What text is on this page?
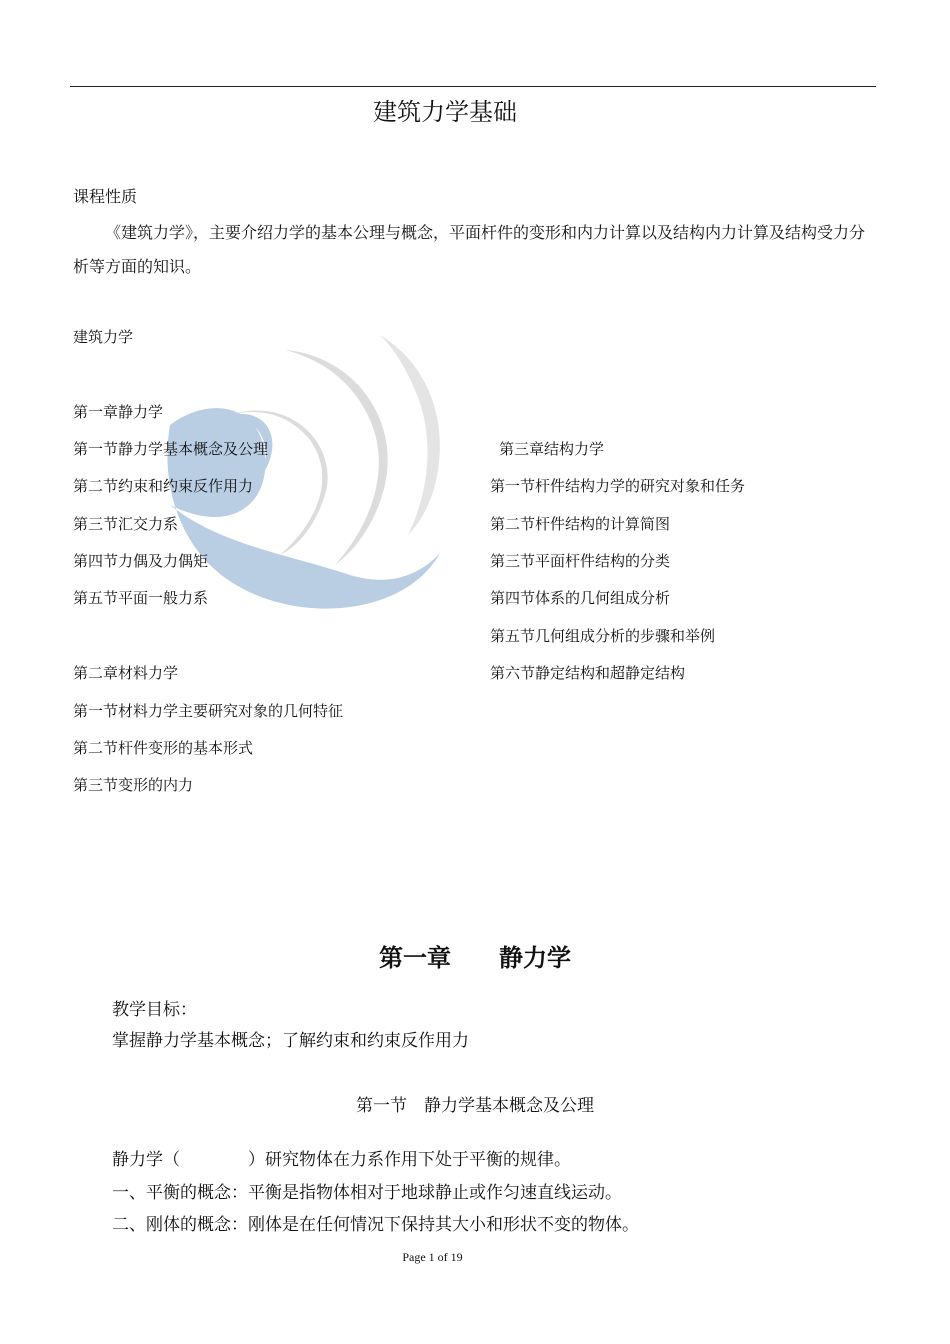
建筑力学基础
课程性质
《建筑力学》，主要介绍力学的基本公理与概念，平面杆件的变形和内力计算以及结构内力计算及结构受力分析等方面的知识。
建筑力学
第一章静力学
第一节静力学基本概念及公理
第二节约束和约束反作用力
第三节汇交力系
第四节力偶及力偶矩
第五节平面一般力系
第二章材料力学
第一节材料力学主要研究对象的几何特征
第二节杆件变形的基本形式
第三节变形的内力
第三章结构力学
第一节杆件结构力学的研究对象和任务
第二节杆件结构的计算简图
第三节平面杆件结构的分类
第四节体系的几何组成分析
第五节几何组成分析的步骤和举例
第六节静定结构和超静定结构
第一章　　静力学
教学目标：
掌握静力学基本概念；了解约束和约束反作用力
第一节　静力学基本概念及公理
静力学（　　　　）研究物体在力系作用下处于平衡的规律。
一、平衡的概念：平衡是指物体相对于地球静止或作匀速直线运动。
二、刚体的概念：刚体是在任何情况下保持其大小和形状不变的物体。
Page 1 of 19
